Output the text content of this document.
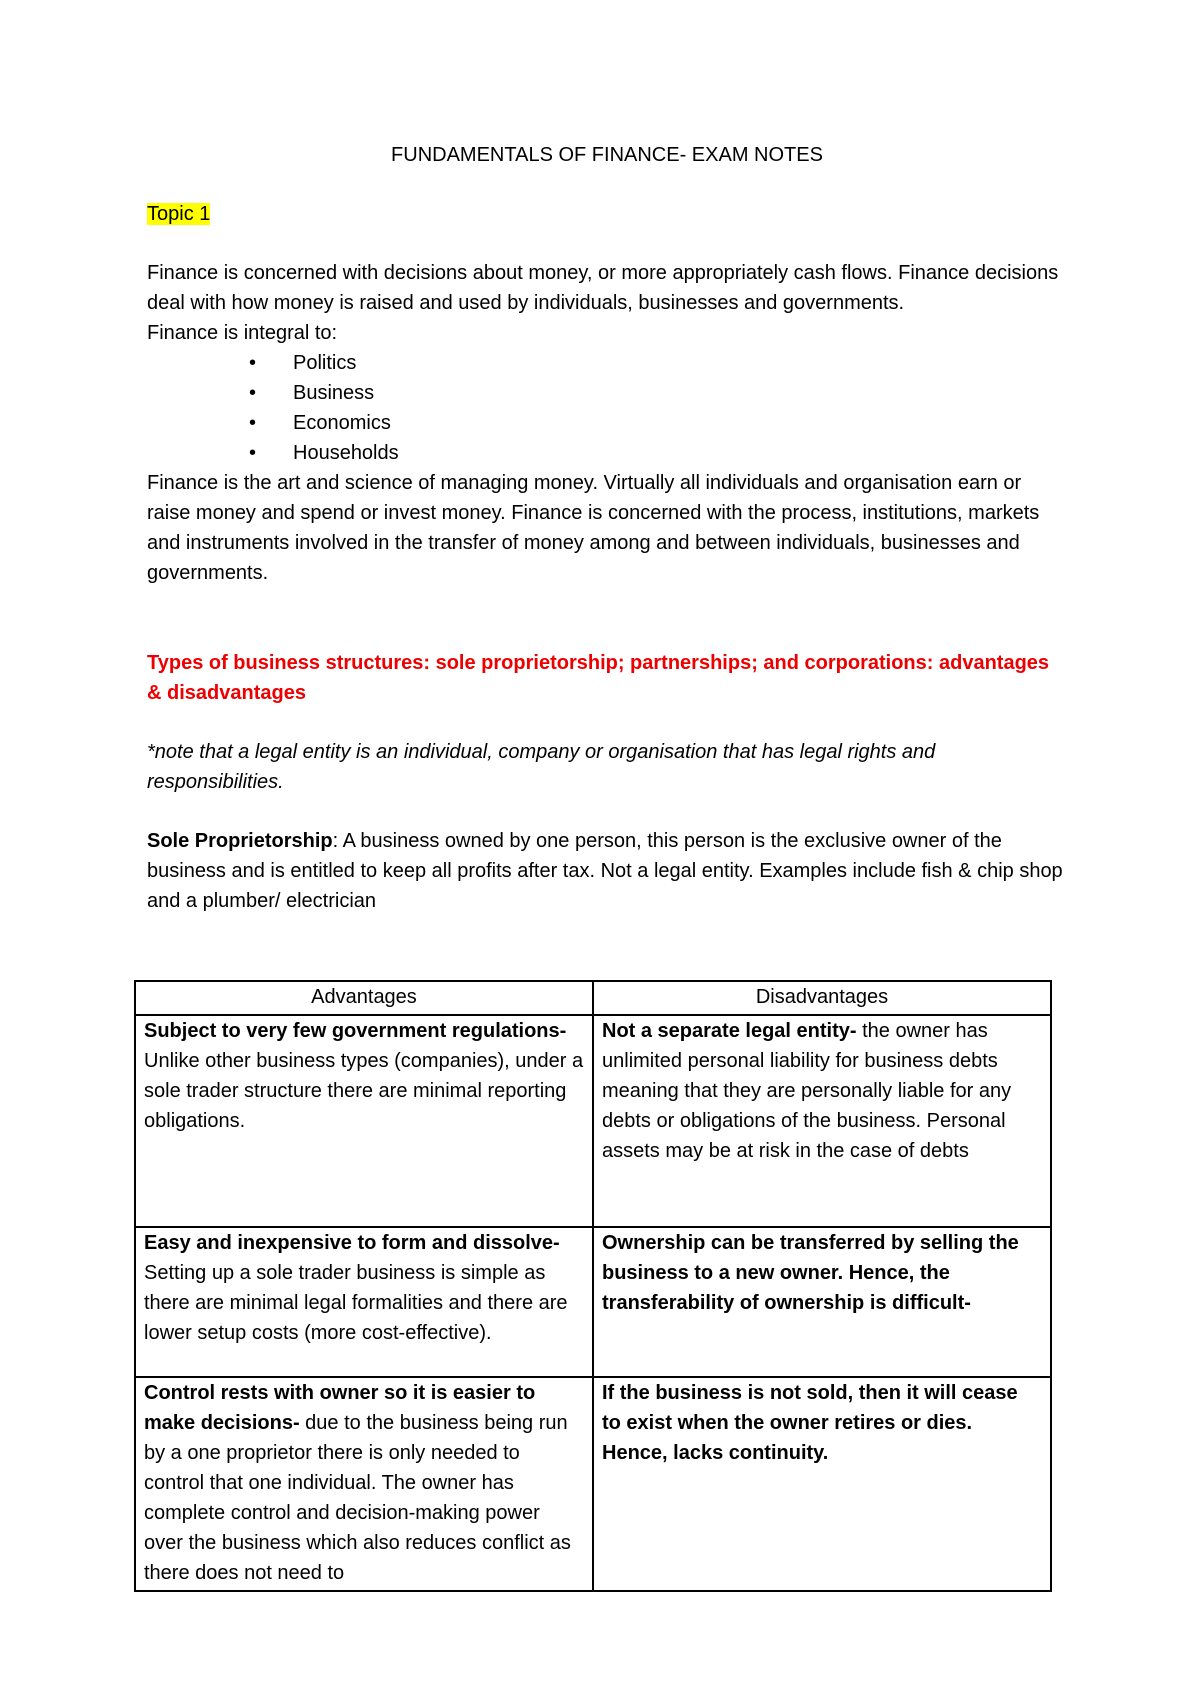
FUNDAMENTALS OF FINANCE- EXAM NOTES
Topic 1

Finance is concerned with decisions about money, or more appropriately cash flows. Finance decisions deal with how money is raised and used by individuals, businesses and governments.

Finance is integral to:

• Politics
• Business
• Economics
• Households

Finance is the art and science of managing money. Virtually all individuals and organisation earn or raise money and spend or invest money. Finance is concerned with the process, institutions, markets and instruments involved in the transfer of money among and between individuals, businesses and governments.

Types of business structures: sole proprietorship; partnerships; and corporations: advantages & disadvantages

*note that a legal entity is an individual, company or organisation that has legal rights and responsibilities.

Sole Proprietorship: A business owned by one person, this person is the exclusive owner of the business and is entitled to keep all profits after tax. Not a legal entity. Examples include fish & chip shop and a plumber/ electrician

Advantages	Disadvantages
Subject to very few government regulations- Unlike other business types (companies), under a sole trader structure there are minimal reporting obligations.	Not a separate legal entity- the owner has unlimited personal liability for business debts meaning that they are personally liable for any debts or obligations of the business. Personal assets may be at risk in the case of debts
Easy and inexpensive to form and dissolve- Setting up a sole trader business is simple as there are minimal legal formalities and there are lower setup costs (more cost-effective).	Ownership can be transferred by selling the business to a new owner. Hence, the transferability of ownership is difficult-
Control rests with owner so it is easier to make decisions- due to the business being run by a one proprietor there is only needed to control that one individual. The owner has complete control and decision-making power over the business which also reduces conflict as there does not need to	If the business is not sold, then it will cease to exist when the owner retires or dies. Hence, lacks continuity.
